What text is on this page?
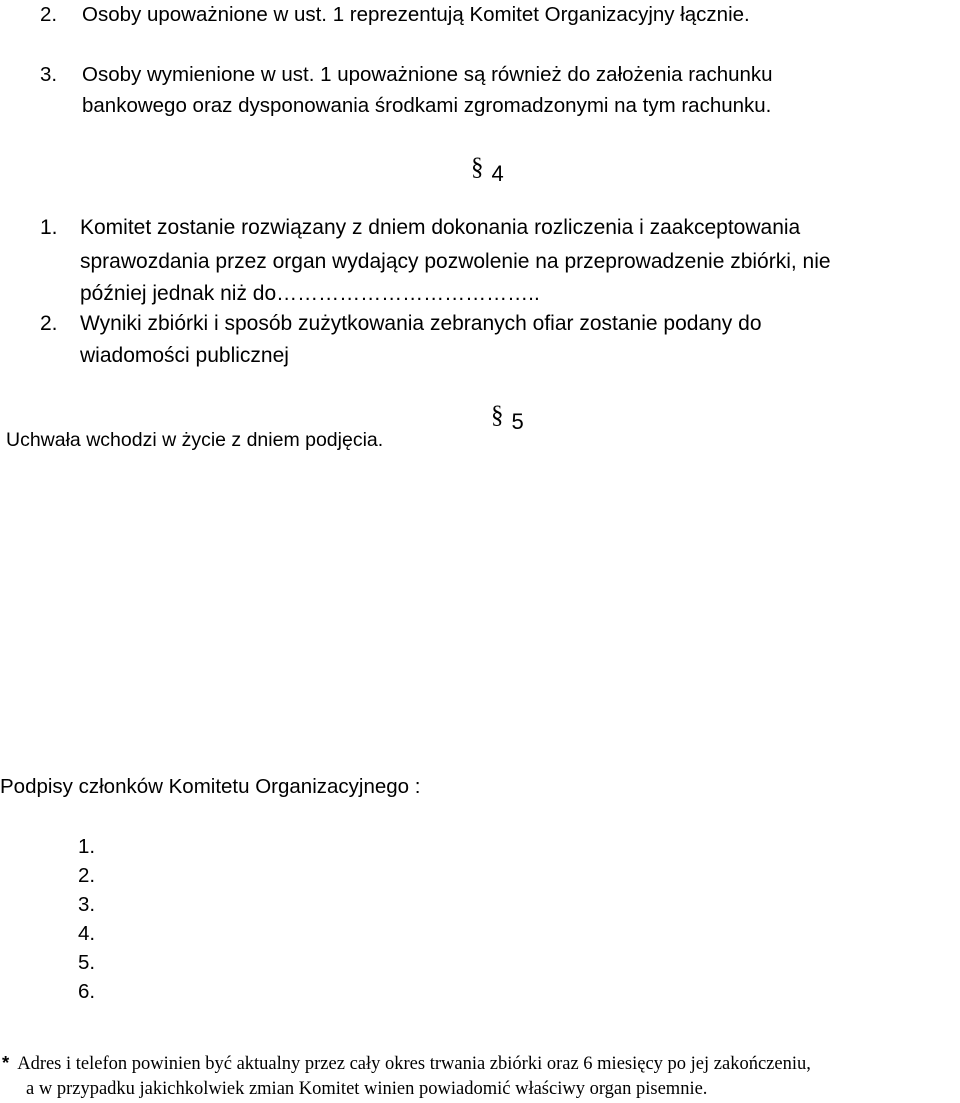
2. Osoby upoważnione w ust. 1 reprezentują Komitet Organizacyjny łącznie.
3. Osoby wymienione w ust. 1 upoważnione są również do założenia rachunku
bankowego oraz dysponowania środkami zgromadzonymi na tym rachunku.
§ 4
1. Komitet zostanie rozwiązany z dniem dokonania rozliczenia i zaakceptowania
sprawozdania przez organ wydający pozwolenie na przeprowadzenie zbiórki, nie
później jednak niż do………………………………..
2. Wyniki zbiórki i sposób zużytkowania zebranych ofiar zostanie podany do
wiadomości publicznej
§ 5
Uchwała wchodzi w życie z dniem podjęcia.
Podpisy członków Komitetu Organizacyjnego :
1.
2.
3.
4.
5.
6.
* Adres i telefon powinien być aktualny przez cały okres trwania zbiórki oraz 6 miesięcy po jej zakończeniu,
a w przypadku jakichkolwiek zmian Komitet winien powiadomić właściwy organ pisemnie.
